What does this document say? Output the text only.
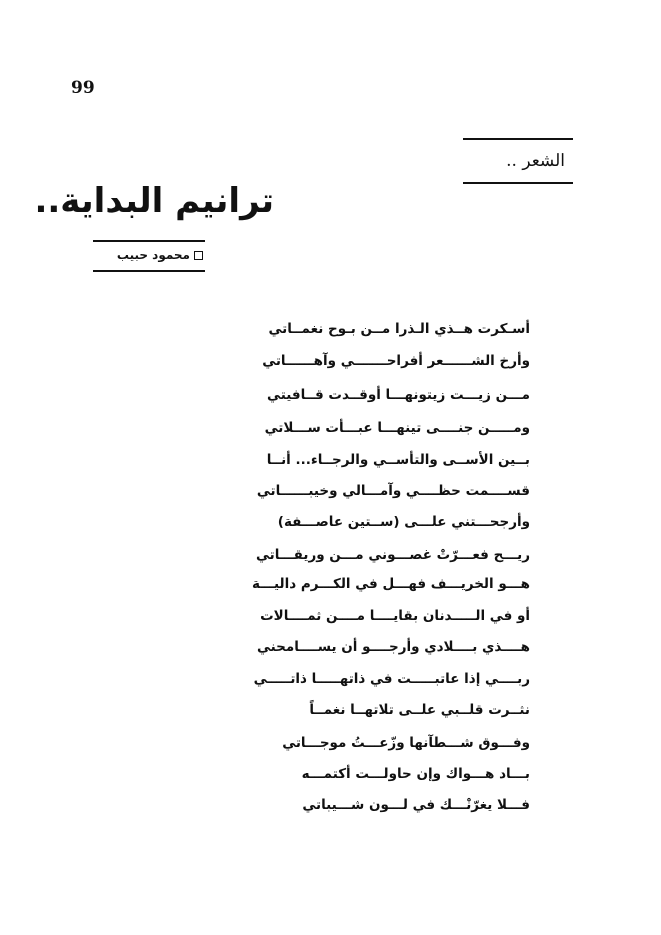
99
الشعر ..
ترانيم البداية..
محمود حبيب
أسـكرت هــذي الـذرا مــن بـوح نغمــاتي
وأرخ الشــــــعر أفراحـــــــي وآهــــــاتي
مـــن زيـــت زيتونهـــا أوقــدت قــافيتي
ومـــــن جنــــى تينهـــا عبـــأت ســـلاتي
بــين الأســى والتأســي والرجــاء... أنــا
قســــمت حظــــي وآمـــالي وخيبــــــاتي
وأرجحـــتني علـــى (ســتين عاصـــفة)
ريـــح فعـــرّتْ غصـــوني مـــن وريقـــاتي
هـــو الخريـــف فهـــل في الكـــرم داليـــة
أو في الـــــدنان بقايــــا مــــن ثمــــالات
هــــذي بــــلادي وأرجــــو أن يســــامحني
ربــــي إذا عاتبـــــت في ذاتهـــــا ذاتـــــي
نثــرت قلــبي علــى تلاتهــا نغمــاً
وفـــوق شـــطآنها وزّعـــتُ موجـــاتي
بـــاد هـــواك وإن حاولـــت أكتمـــه
فـــلا يغرّنْـــك في لـــون شـــيباتي
